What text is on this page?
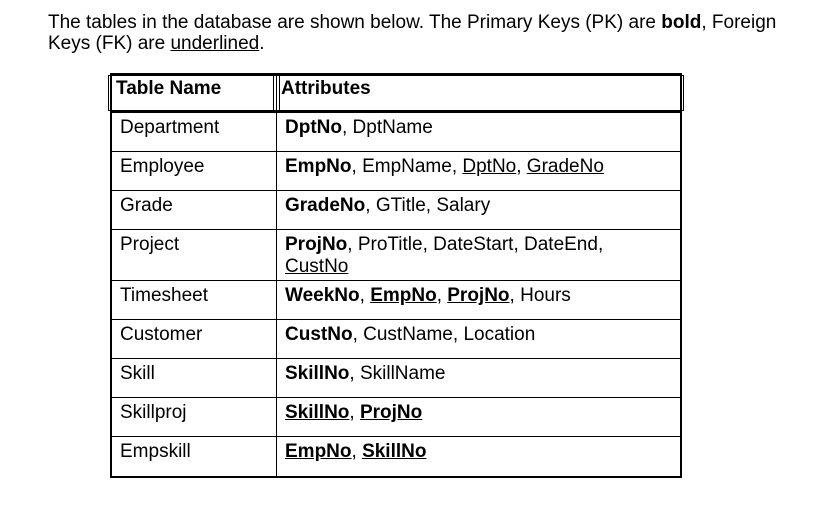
The tables in the database are shown below. The Primary Keys (PK) are bold, Foreign Keys (FK) are underlined.
Table Name	Attributes

Department	DptNo, DptName
Employee	EmpNo, EmpName, DptNo, GradeNo
Grade	GradeNo, GTitle, Salary
Project	ProjNo, ProTitle, DateStart, DateEnd, CustNo
Timesheet	WeekNo, EmpNo, ProjNo, Hours
Customer	CustNo, CustName, Location
Skill	SkillNo, SkillName
Skillproj	SkillNo, ProjNo
Empskill	EmpNo, SkillNo
